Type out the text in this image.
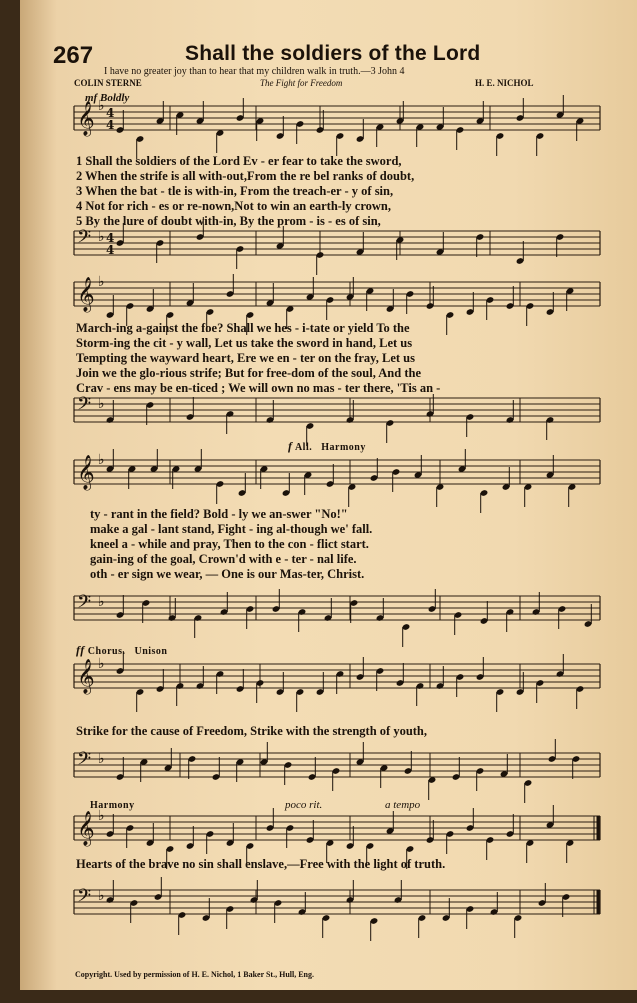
267	Shall the soldiers of the Lord
I have no greater joy than to hear that my children walk in truth.—3 John 4
COLIN STERNE	The Fight for Freedom	H. E. NICHOL
mf Boldly
𝄞 ♭
𝄢 ♭
𝄞 ♭
𝄢 ♭
𝄞 ♭
𝄢 ♭
𝄞 ♭
𝄢 ♭
𝄞 ♭
𝄢 ♭
4
4
4
4
1 Shall the soldiers of the Lord Ev - er fear to take the sword,
2 When the strife is all with-out,From the re bel ranks of doubt,
3 When the bat - tle is with-in, From the treach-er - y of sin,
4 Not for rich - es or re-nown,Not to win an earth-ly crown,
5 By the lure of doubt with-in, By the prom - is - es of sin,
March-ing a-gainst the foe? Shall we hes - i-tate or yield To the
Storm-ing the cit - y wall, Let us take the sword in hand, Let us
Tempting the wayward heart, Ere we en - ter on the fray, Let us
Join we the glo-rious strife; But for free-dom of the soul, And the
Crav - ens may be en-ticed ; We will own no mas - ter there, 'Tis an -
f All. Harmony
ty - rant in the field? Bold - ly we an-swer "No!"
make a gal - lant stand, Fight - ing al-though we' fall.
kneel a - while and pray, Then to the con - flict start.
gain-ing of the goal, Crown'd with e - ter - nal life.
oth - er sign we wear, — One is our Mas-ter, Christ.
ff Chorus. Unison
Strike for the cause of Freedom, Strike with the strength of youth,
Harmony	poco rit.	a tempo
Hearts of the brave no sin shall enslave,—Free with the light of truth.
Copyright. Used by permission of H. E. Nichol, 1 Baker St., Hull, Eng.
